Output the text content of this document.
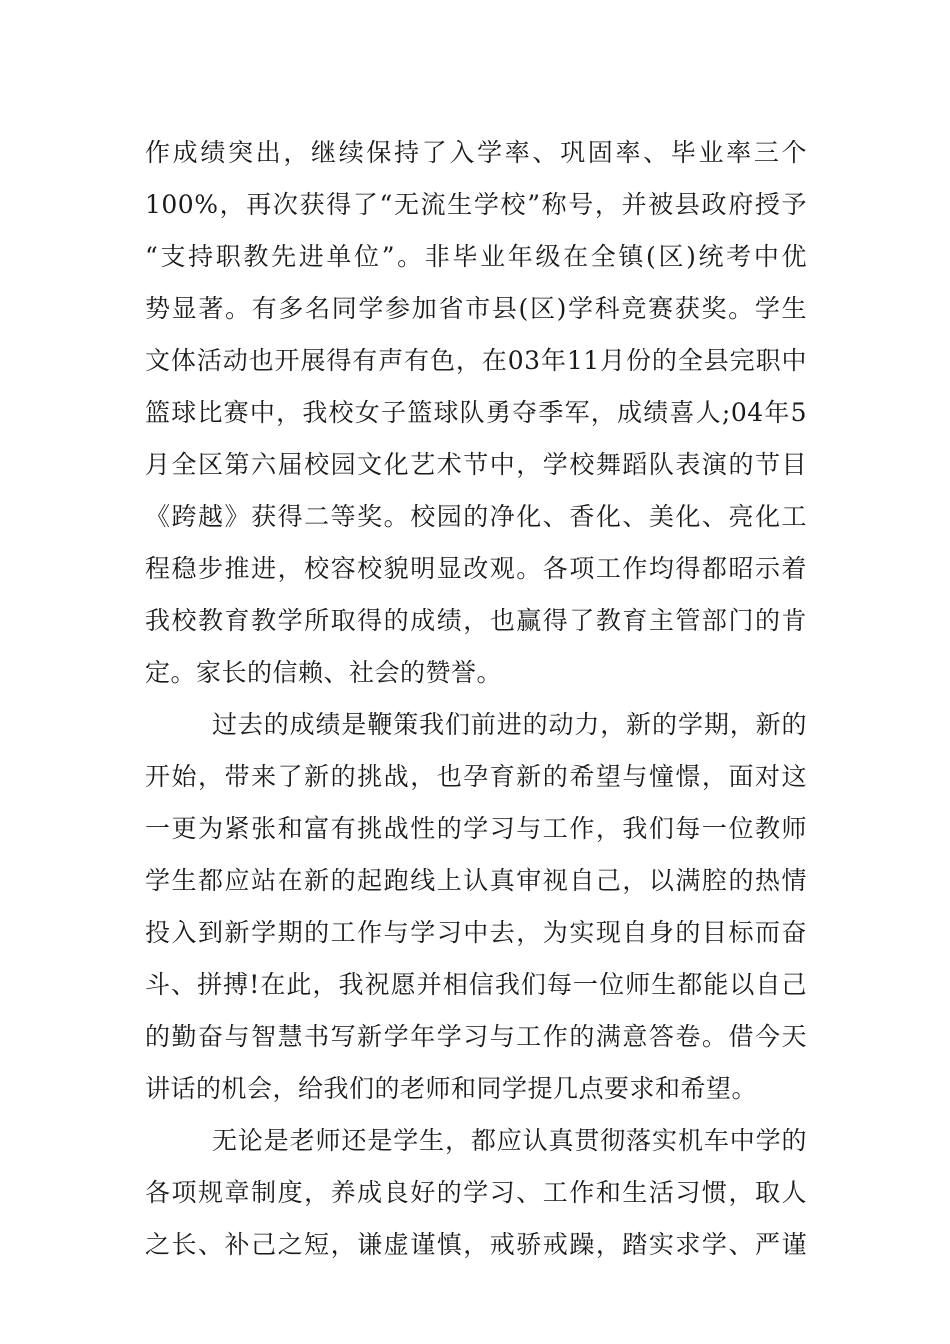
作成绩突出，继续保持了入学率、巩固率、毕业率三个
100%，再次获得了“无流生学校”称号，并被县政府授予
“支持职教先进单位”。非毕业年级在全镇(区)统考中优
势显著。有多名同学参加省市县(区)学科竞赛获奖。学生
文体活动也开展得有声有色，在03年11月份的全县完职中
篮球比赛中，我校女子篮球队勇夺季军，成绩喜人;04年5
月全区第六届校园文化艺术节中，学校舞蹈队表演的节目
《跨越》获得二等奖。校园的净化、香化、美化、亮化工
程稳步推进，校容校貌明显改观。各项工作均得都昭示着
我校教育教学所取得的成绩，也赢得了教育主管部门的肯
定。家长的信赖、社会的赞誉。
过去的成绩是鞭策我们前进的动力，新的学期，新的
开始，带来了新的挑战，也孕育新的希望与憧憬，面对这
一更为紧张和富有挑战性的学习与工作，我们每一位教师
学生都应站在新的起跑线上认真审视自己，以满腔的热情
投入到新学期的工作与学习中去，为实现自身的目标而奋
斗、拼搏!在此，我祝愿并相信我们每一位师生都能以自己
的勤奋与智慧书写新学年学习与工作的满意答卷。借今天
讲话的机会，给我们的老师和同学提几点要求和希望。
无论是老师还是学生，都应认真贯彻落实机车中学的
各项规章制度，养成良好的学习、工作和生活习惯，取人
之长、补己之短，谦虚谨慎，戒骄戒躁，踏实求学、严谨
